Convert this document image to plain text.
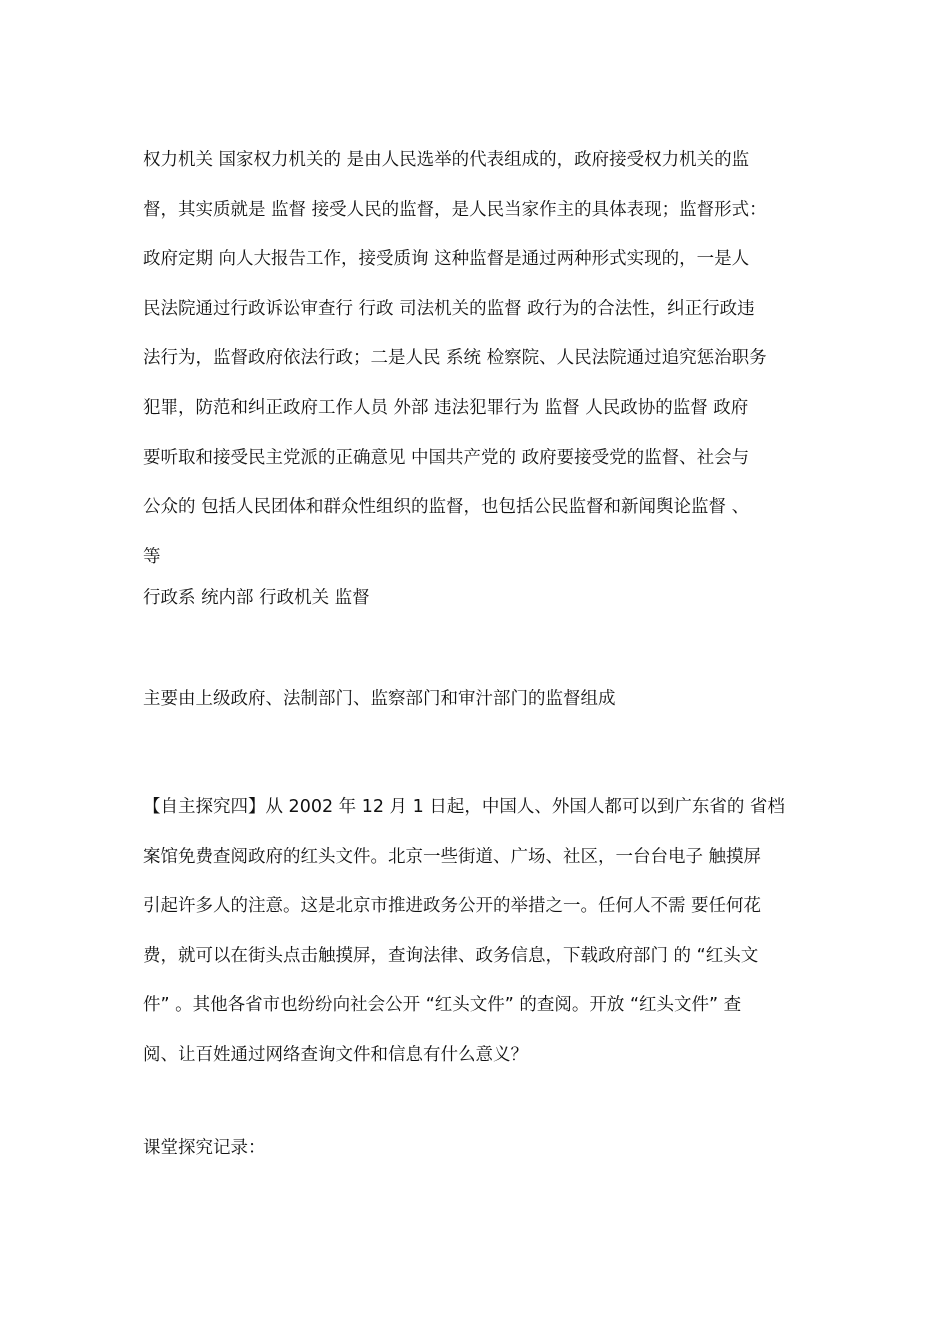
权力机关 国家权力机关的 是由人民选举的代表组成的，政府接受权力机关的监
督，其实质就是 监督 接受人民的监督，是人民当家作主的具体表现；监督形式：
政府定期 向人大报告工作，接受质询 这种监督是通过两种形式实现的，一是人
民法院通过行政诉讼审查行 行政 司法机关的监督 政行为的合法性，纠正行政违
法行为，监督政府依法行政；二是人民 系统 检察院、人民法院通过追究惩治职务
犯罪，防范和纠正政府工作人员 外部 违法犯罪行为 监督 人民政协的监督 政府
要听取和接受民主党派的正确意见 中国共产党的 政府要接受党的监督、社会与
公众的 包括人民团体和群众性组织的监督，也包括公民监督和新闻舆论监督 、
等
行政系 统内部 行政机关 监督
主要由上级政府、法制部门、监察部门和审汁部门的监督组成
【自主探究四】从 2002 年 12 月 1 日起，中国人、外国人都可以到广东省的 省档
案馆免费查阅政府的红头文件。北京一些街道、广场、社区，一台台电子 触摸屏
引起许多人的注意。这是北京市推进政务公开的举措之一。任何人不需 要任何花
费，就可以在街头点击触摸屏，查询法律、政务信息，下载政府部门 的 “红头文
件” 。其他各省市也纷纷向社会公开 “红头文件” 的查阅。开放 “红头文件” 查
阅、让百姓通过网络查询文件和信息有什么意义？
课堂探究记录：
